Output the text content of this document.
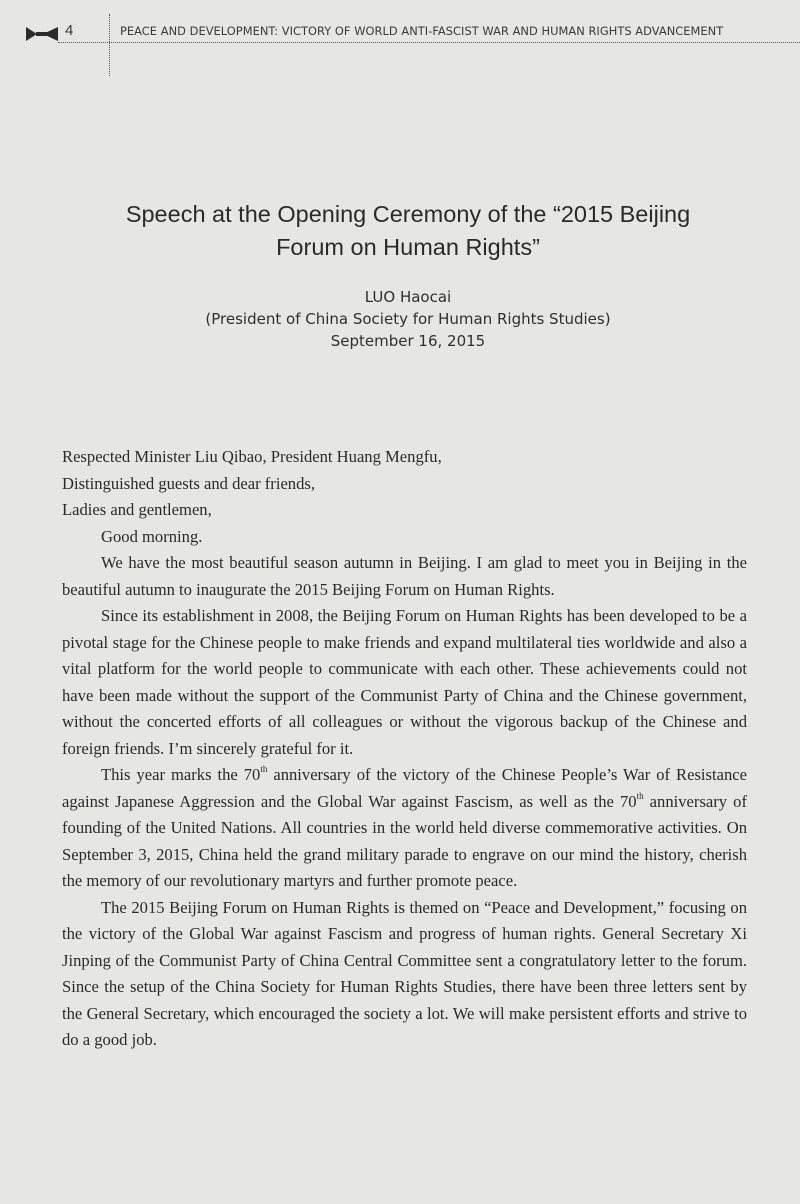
4	PEACE AND DEVELOPMENT: VICTORY OF WORLD ANTI-FASCIST WAR AND HUMAN RIGHTS ADVANCEMENT
Speech at the Opening Ceremony of the “2015 Beijing
Forum on Human Rights”
LUO Haocai
(President of China Society for Human Rights Studies)
September 16, 2015

Respected Minister Liu Qibao, President Huang Mengfu,

Distinguished guests and dear friends,

Ladies and gentlemen,

Good morning.

We have the most beautiful season autumn in Beijing. I am glad to meet you in Beijing in the beautiful autumn to inaugurate the 2015 Beijing Forum on Human Rights.

Since its establishment in 2008, the Beijing Forum on Human Rights has been developed to be a pivotal stage for the Chinese people to make friends and expand multilateral ties worldwide and also a vital platform for the world people to communicate with each other. These achievements could not have been made without the support of the Communist Party of China and the Chinese government, without the concerted efforts of all colleagues or without the vigorous backup of the Chinese and foreign friends. I’m sincerely grateful for it.

This year marks the 70th anniversary of the victory of the Chinese People’s War of Resistance against Japanese Aggression and the Global War against Fascism, as well as the 70th anniversary of founding of the United Nations. All countries in the world held diverse commemorative activities. On September 3, 2015, China held the grand military parade to engrave on our mind the history, cherish the memory of our revolutionary martyrs and further promote peace.

The 2015 Beijing Forum on Human Rights is themed on “Peace and Development,” focusing on the victory of the Global War against Fascism and progress of human rights. General Secretary Xi Jinping of the Communist Party of China Central Committee sent a congratulatory letter to the forum. Since the setup of the China Society for Human Rights Studies, there have been three letters sent by the General Secretary, which encouraged the society a lot. We will make persistent efforts and strive to do a good job.
